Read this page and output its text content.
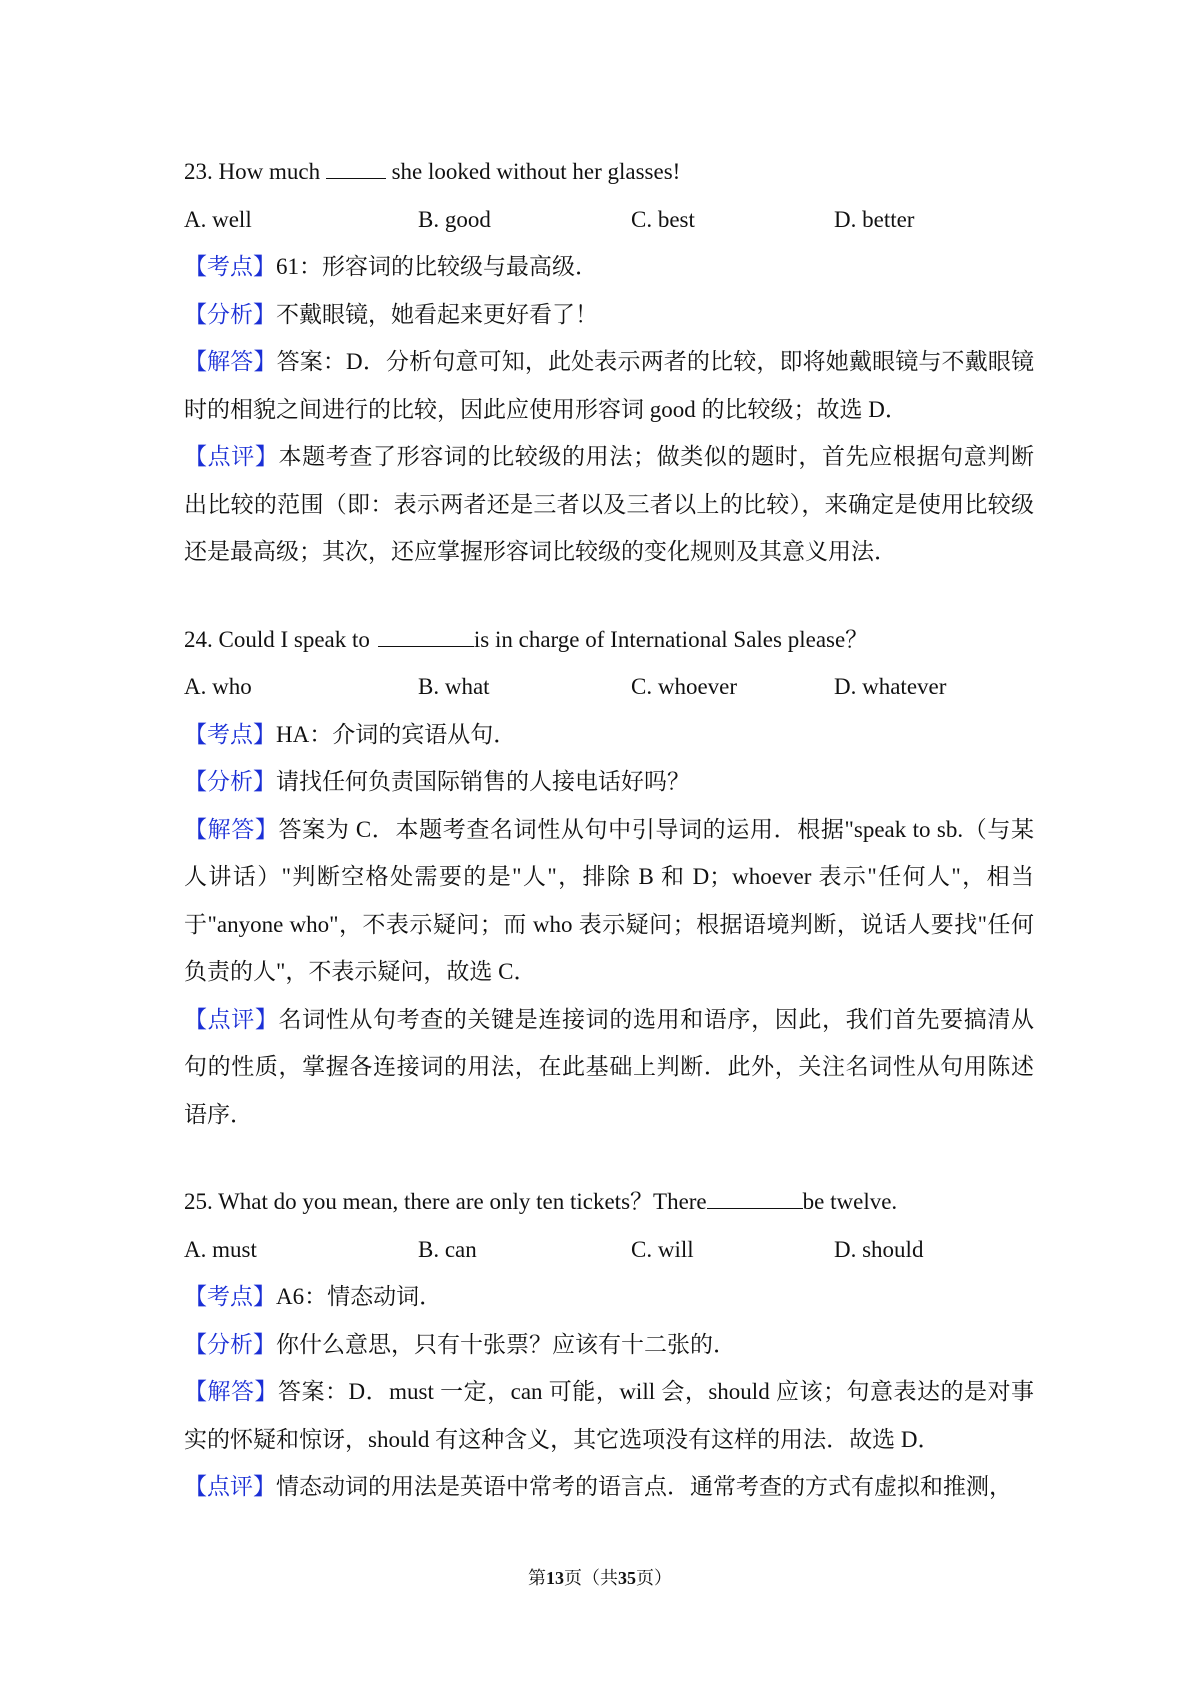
23. How much	she looked without her glasses!

A. well	B. good	C. best	D. better

【考点】61：形容词的比较级与最高级．

【分析】不戴眼镜，她看起来更好看了！

【解答】答案：D．分析句意可知，此处表示两者的比较，即将她戴眼镜与不戴眼镜时的相貌之间进行的比较，因此应使用形容词 good 的比较级；故选 D．

【点评】本题考查了形容词的比较级的用法；做类似的题时，首先应根据句意判断出比较的范围（即：表示两者还是三者以及三者以上的比较），来确定是使用比较级还是最高级；其次，还应掌握形容词比较级的变化规则及其意义用法．

24. Could I speak to	is in charge of International Sales please？

A. who	B. what	C. whoever	D. whatever

【考点】HA：介词的宾语从句．

【分析】请找任何负责国际销售的人接电话好吗？

【解答】答案为 C．本题考查名词性从句中引导词的运用．根据"speak to sb.（与某人讲话）"判断空格处需要的是"人"，排除 B 和 D；whoever 表示"任何人"，相当于"anyone who"，不表示疑问；而 who 表示疑问；根据语境判断，说话人要找"任何负责的人"，不表示疑问，故选 C．

【点评】名词性从句考查的关键是连接词的选用和语序，因此，我们首先要搞清从句的性质，掌握各连接词的用法，在此基础上判断．此外，关注名词性从句用陈述语序．

25. What do you mean, there are only ten tickets？There	be twelve.

A. must	B. can	C. will	D. should

【考点】A6：情态动词．

【分析】你什么意思，只有十张票？应该有十二张的．

【解答】答案：D．must 一定，can 可能，will 会，should 应该；句意表达的是对事实的怀疑和惊讶，should 有这种含义，其它选项没有这样的用法．故选 D．

【点评】情态动词的用法是英语中常考的语言点．通常考查的方式有虚拟和推测，

第13页（共35页）
